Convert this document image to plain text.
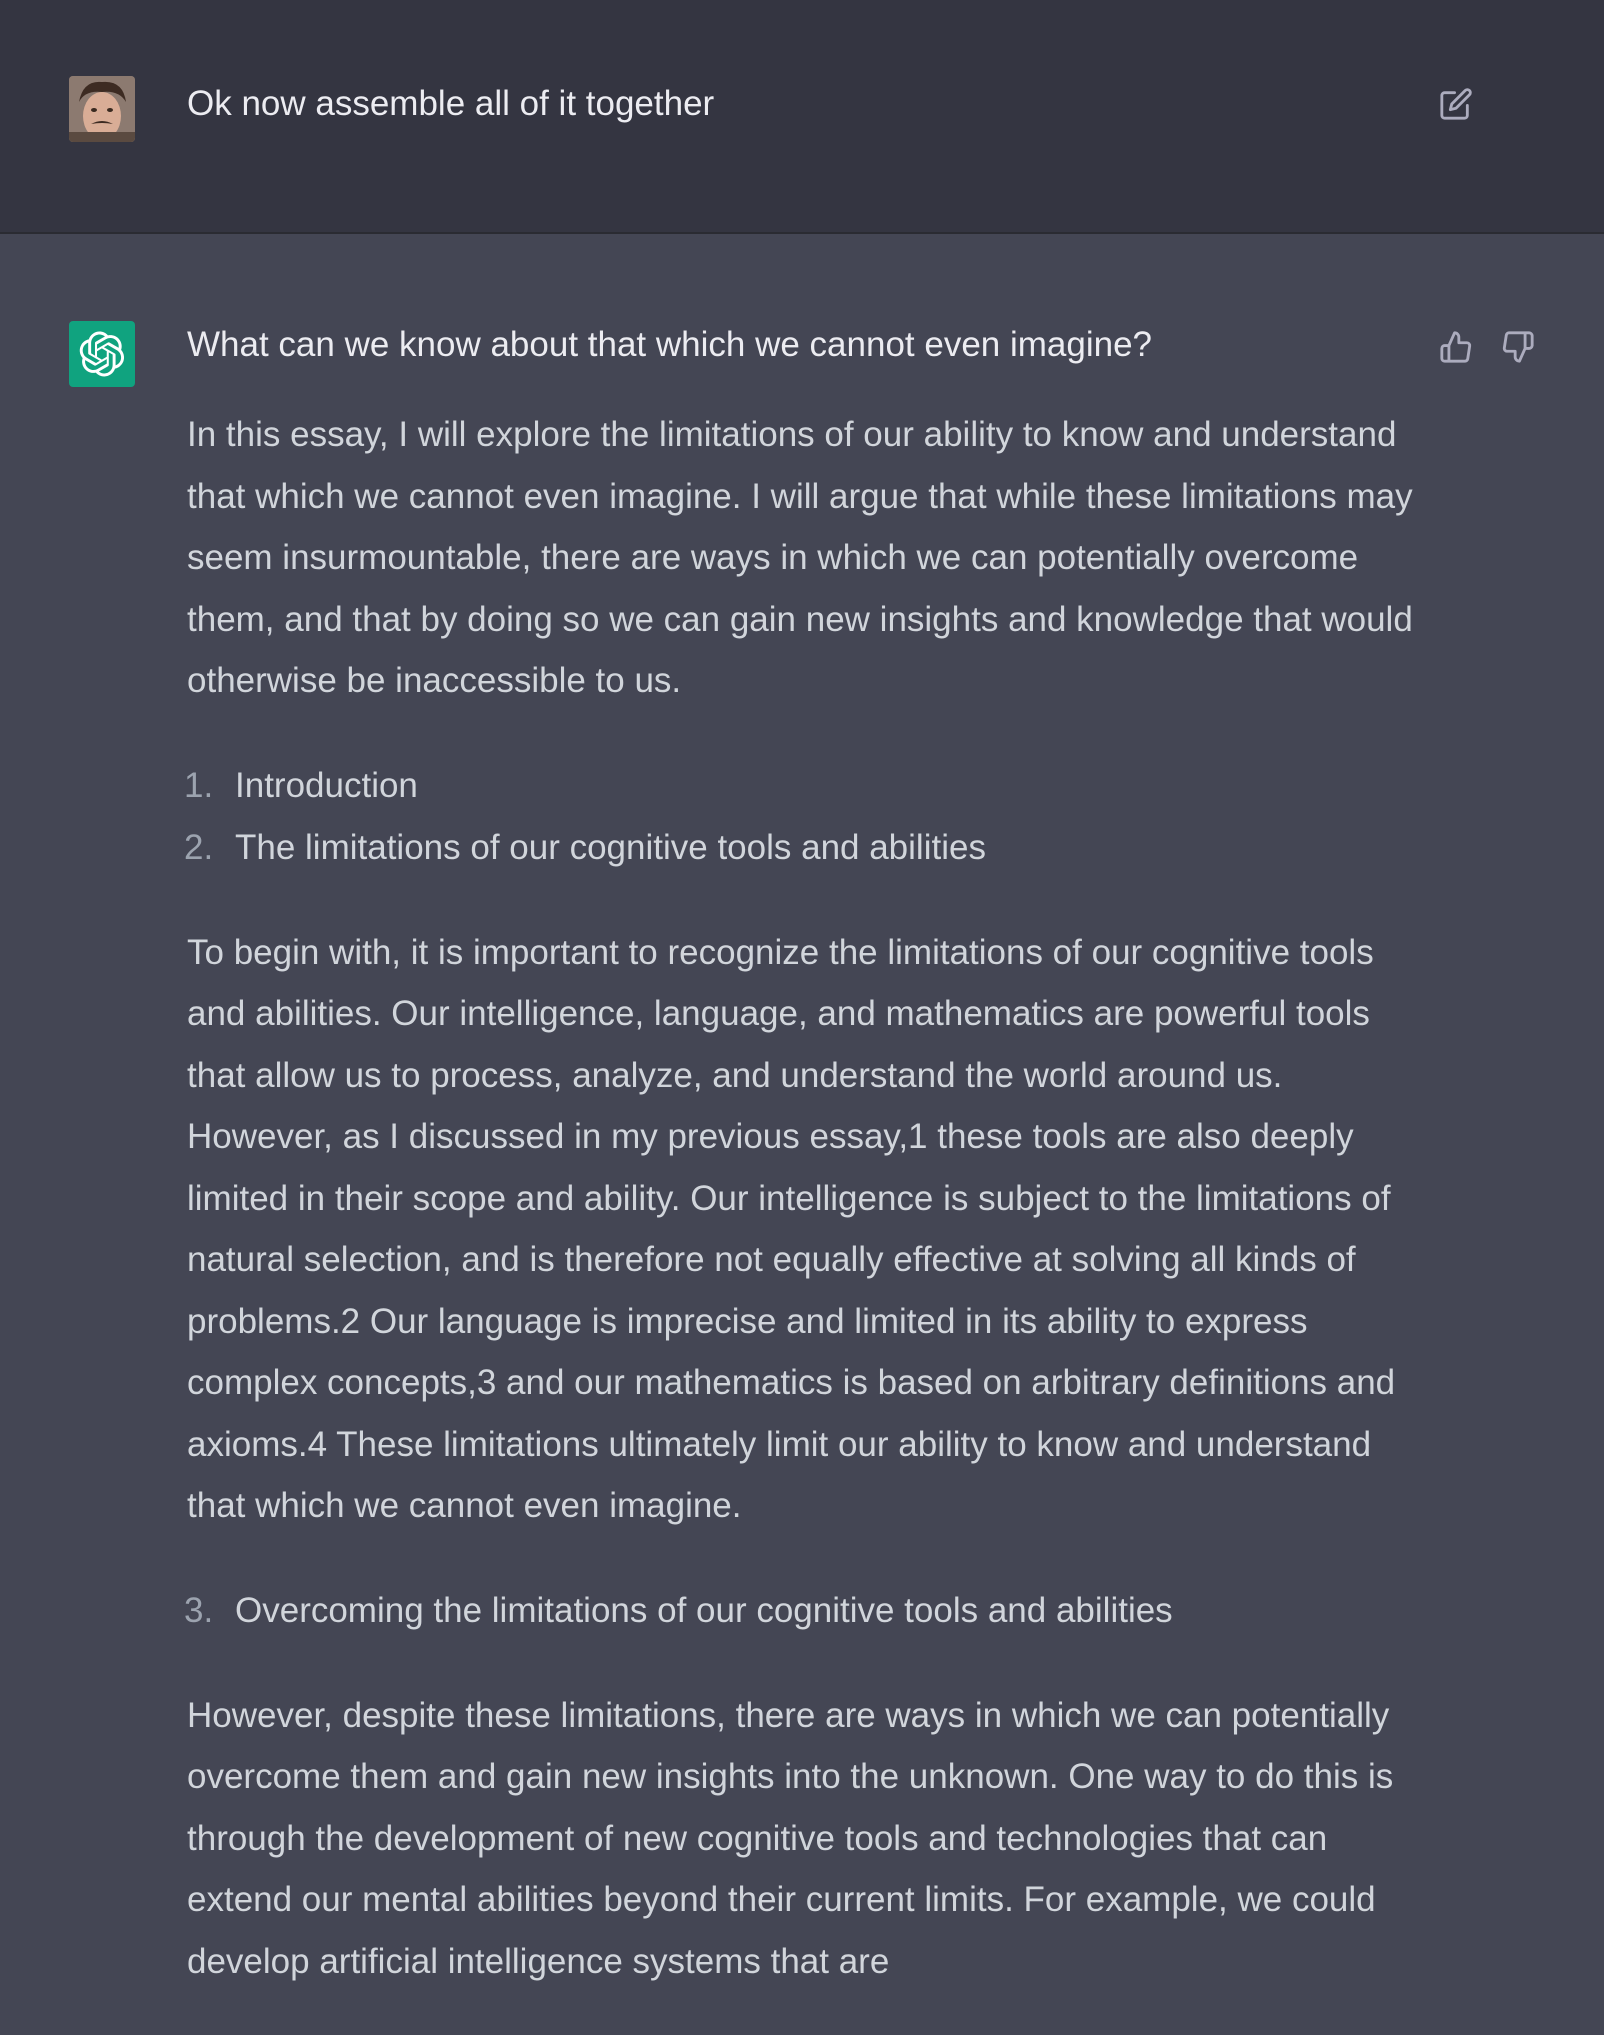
Ok now assemble all of it together

What can we know about that which we cannot even imagine?

In this essay, I will explore the limitations of our ability to know and understand that which we cannot even imagine. I will argue that while these limitations may seem insurmountable, there are ways in which we can potentially overcome them, and that by doing so we can gain new insights and knowledge that would otherwise be inaccessible to us.

1. Introduction
2. The limitations of our cognitive tools and abilities

To begin with, it is important to recognize the limitations of our cognitive tools and abilities. Our intelligence, language, and mathematics are powerful tools that allow us to process, analyze, and understand the world around us. However, as I discussed in my previous essay,1 these tools are also deeply limited in their scope and ability. Our intelligence is subject to the limitations of natural selection, and is therefore not equally effective at solving all kinds of problems.2 Our language is imprecise and limited in its ability to express complex concepts,3 and our mathematics is based on arbitrary definitions and axioms.4 These limitations ultimately limit our ability to know and understand that which we cannot even imagine.

3. Overcoming the limitations of our cognitive tools and abilities

However, despite these limitations, there are ways in which we can potentially overcome them and gain new insights into the unknown. One way to do this is through the development of new cognitive tools and technologies that can extend our mental abilities beyond their current limits. For example, we could develop artificial intelligence systems that are
